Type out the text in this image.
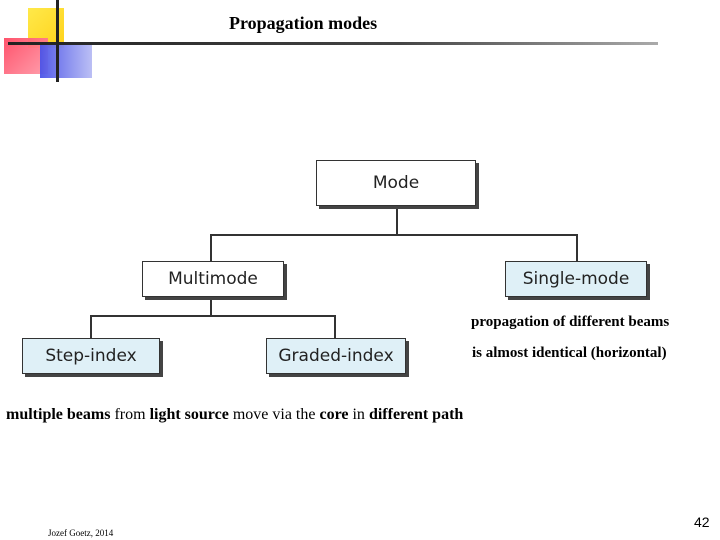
Propagation modes
Mode
Multimode	Single-mode
Step-index	Graded-index
propagation of different beams
is almost identical (horizontal)
multiple beams from light source move via the core in different path
Jozef Goetz, 2014
42
